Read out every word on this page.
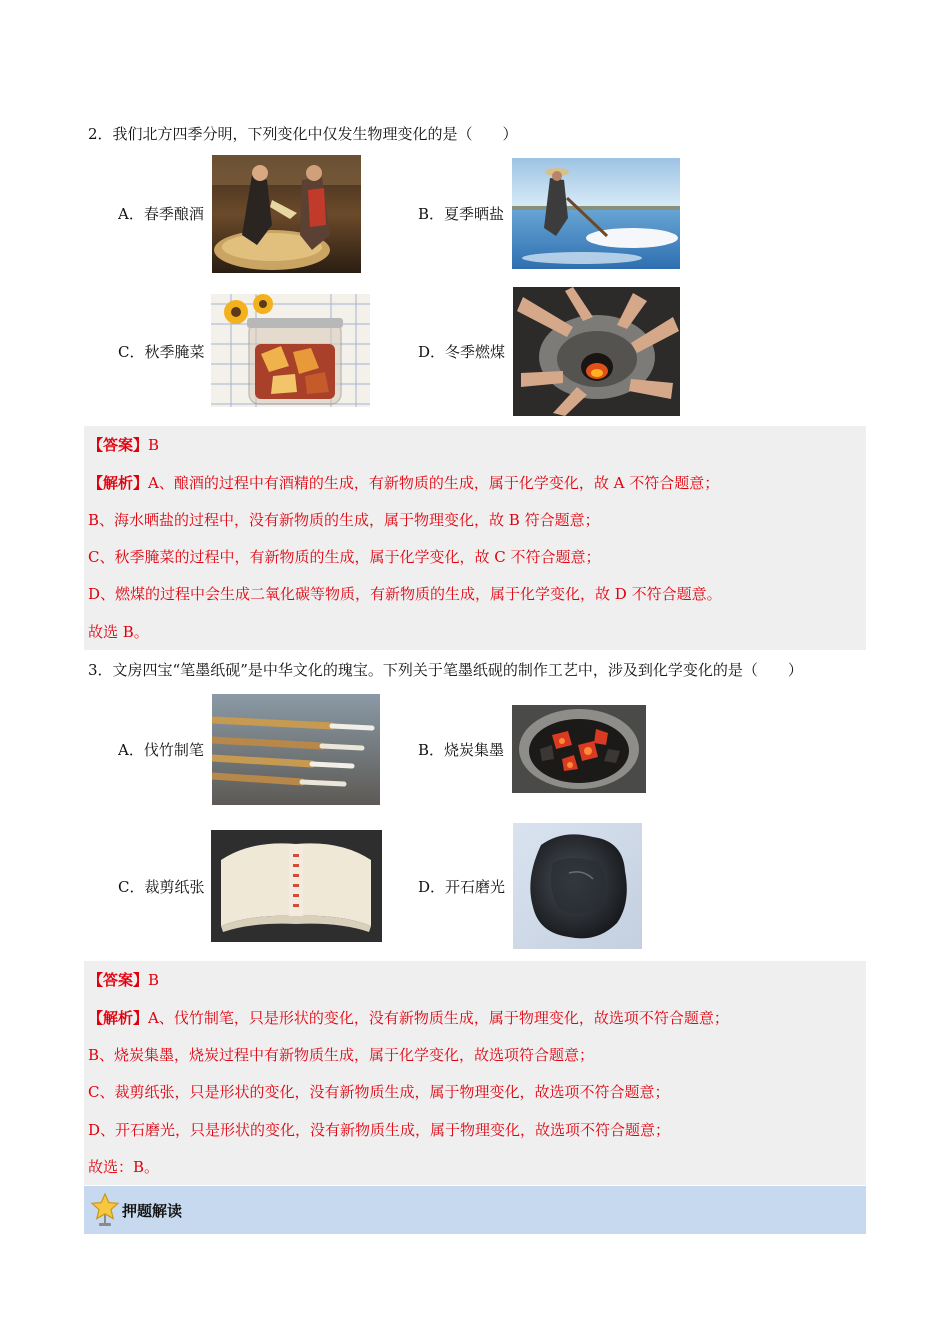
2．我们北方四季分明，下列变化中仅发生物理变化的是（　　）
A．春季酿酒	B．夏季晒盐
C．秋季腌菜	D．冬季燃煤
【答案】B
【解析】A、酿酒的过程中有酒精的生成，有新物质的生成，属于化学变化，故 A 不符合题意；
B、海水晒盐的过程中，没有新物质的生成，属于物理变化，故 B 符合题意；
C、秋季腌菜的过程中，有新物质的生成，属于化学变化，故 C 不符合题意；
D、燃煤的过程中会生成二氧化碳等物质，有新物质的生成，属于化学变化，故 D 不符合题意。
故选 B。
3．文房四宝“笔墨纸砚”是中华文化的瑰宝。下列关于笔墨纸砚的制作工艺中，涉及到化学变化的是（　　）
A．伐竹制笔	B．烧炭集墨
C．裁剪纸张	D．开石磨光
【答案】B
【解析】A、伐竹制笔，只是形状的变化，没有新物质生成，属于物理变化，故选项不符合题意；
B、烧炭集墨，烧炭过程中有新物质生成，属于化学变化，故选项符合题意；
C、裁剪纸张，只是形状的变化，没有新物质生成，属于物理变化，故选项不符合题意；
D、开石磨光，只是形状的变化，没有新物质生成，属于物理变化，故选项不符合题意；
故选：B。
押题解读
